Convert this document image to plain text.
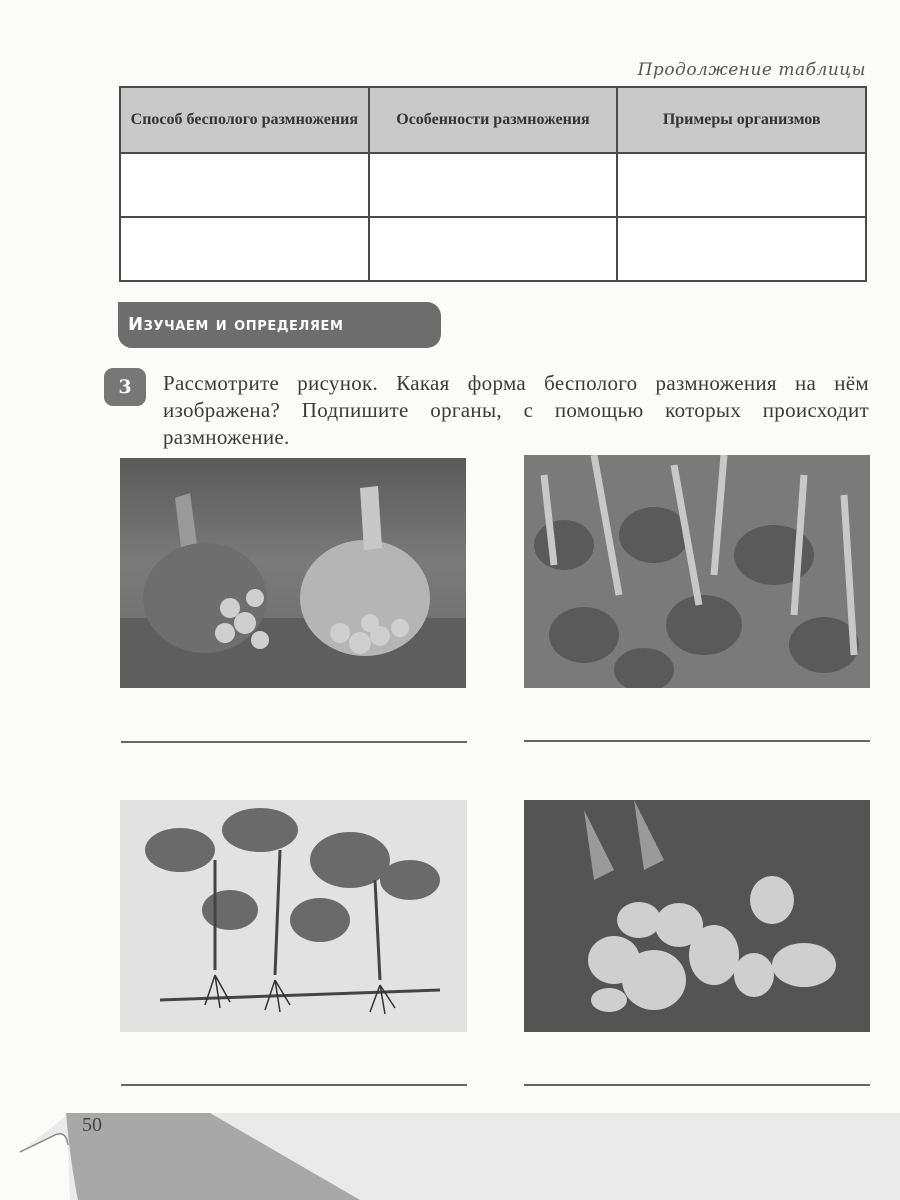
Продолжение таблицы
Способ бесполого размножения	Особенности размножения	Примеры организмов

Изучаем и определяем
3	Рассмотрите рисунок. Какая форма бесполого размножения на нём изображена? Подпишите органы, с помощью которых происходит размножение.
50
